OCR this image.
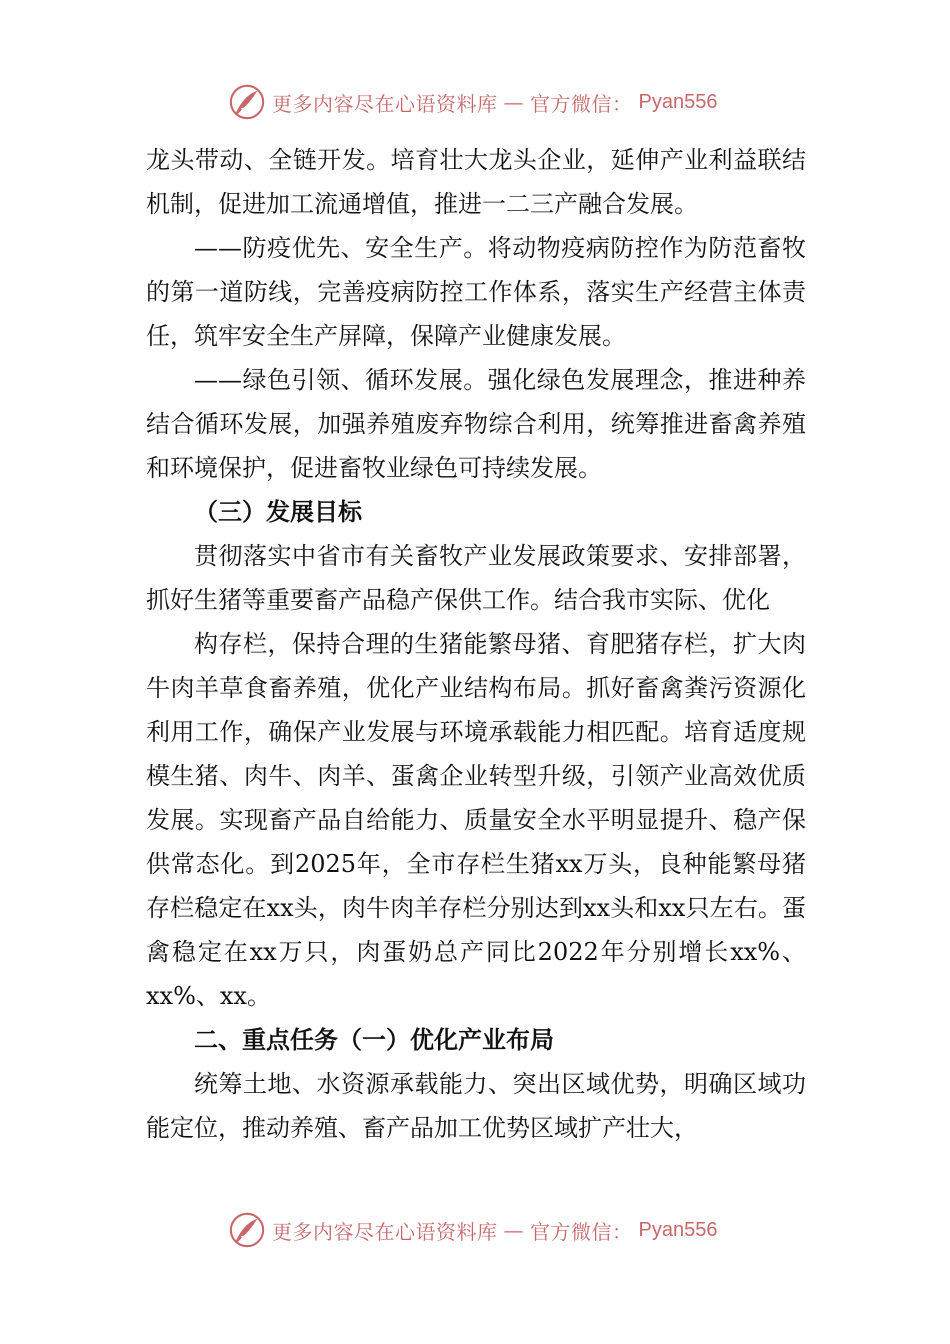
更多内容尽在心语资料库 — 官方微信： Pyan556

龙头带动、全链开发。培育壮大龙头企业，延伸产业利益联结机制，促进加工流通增值，推进一二三产融合发展。

——防疫优先、安全生产。将动物疫病防控作为防范畜牧的第一道防线，完善疫病防控工作体系，落实生产经营主体责任，筑牢安全生产屏障，保障产业健康发展。

——绿色引领、循环发展。强化绿色发展理念，推进种养结合循环发展，加强养殖废弃物综合利用，统筹推进畜禽养殖和环境保护，促进畜牧业绿色可持续发展。

（三）发展目标

贯彻落实中省市有关畜牧产业发展政策要求、安排部署，抓好生猪等重要畜产品稳产保供工作。结合我市实际、优化

构存栏，保持合理的生猪能繁母猪、育肥猪存栏，扩大肉牛肉羊草食畜养殖，优化产业结构布局。抓好畜禽粪污资源化利用工作，确保产业发展与环境承载能力相匹配。培育适度规模生猪、肉牛、肉羊、蛋禽企业转型升级，引领产业高效优质发展。实现畜产品自给能力、质量安全水平明显提升、稳产保供常态化。到2025年，全市存栏生猪xx万头，良种能繁母猪存栏稳定在xx头，肉牛肉羊存栏分别达到xx头和xx只左右。蛋禽稳定在xx万只，肉蛋奶总产同比2022年分别增长xx%、xx%、xx。

二、重点任务（一）优化产业布局

统筹土地、水资源承载能力、突出区域优势，明确区域功能定位，推动养殖、畜产品加工优势区域扩产壮大，

更多内容尽在心语资料库 — 官方微信： Pyan556
